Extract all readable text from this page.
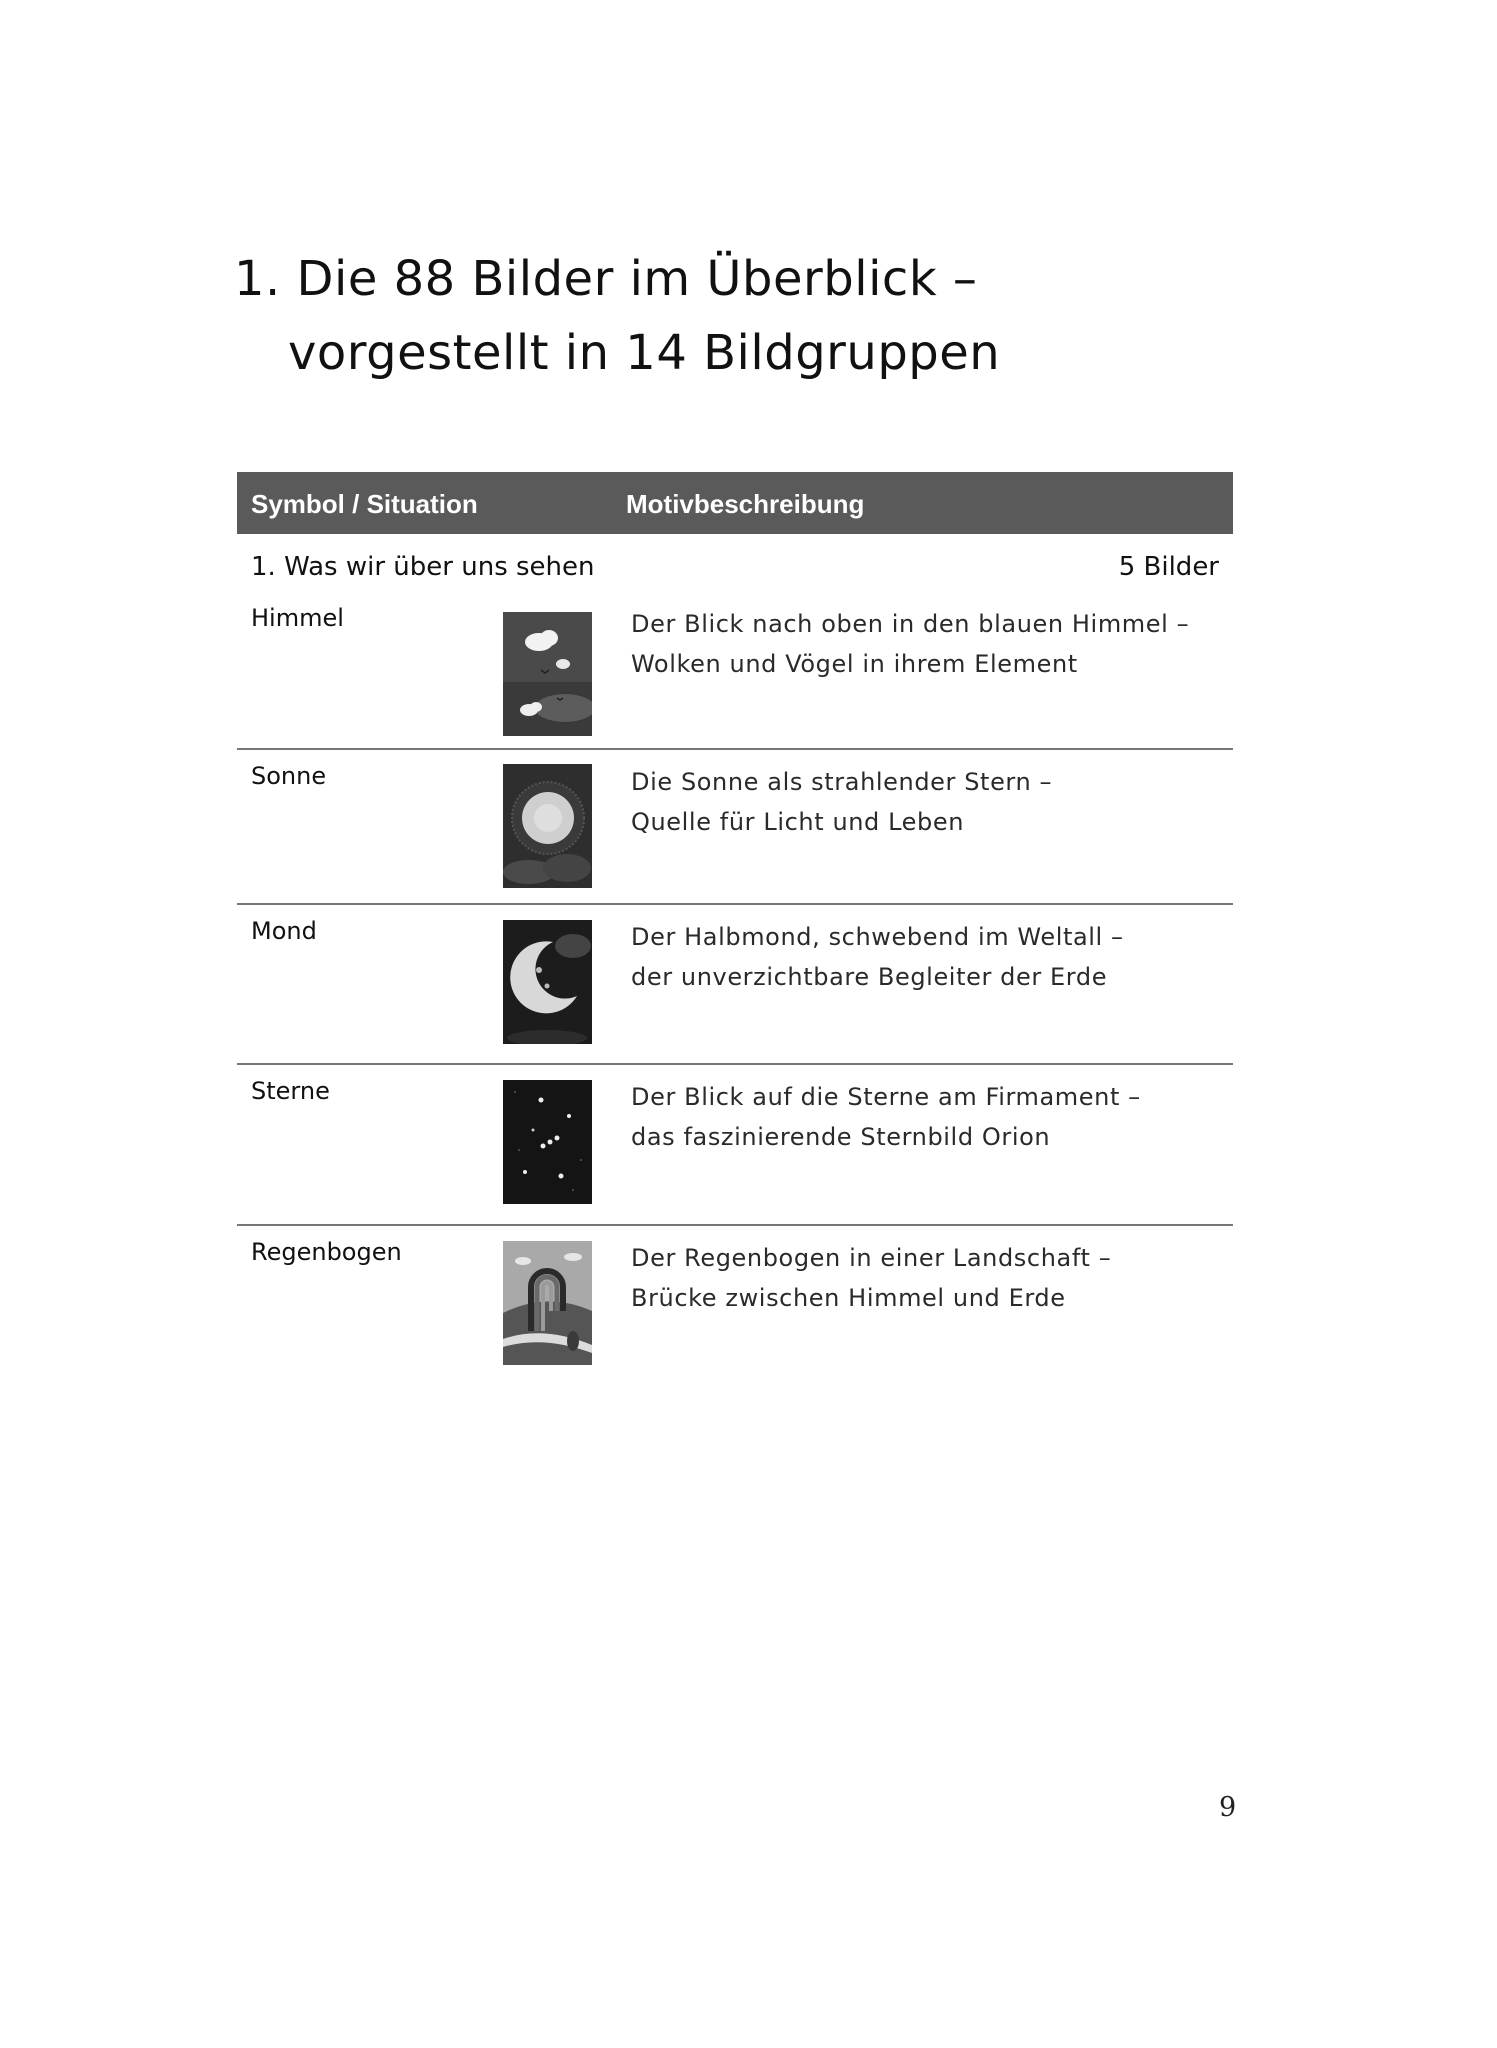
1. Die 88 Bilder im Überblick –
vorgestellt in 14 Bildgruppen
Symbol / Situation	Motivbeschreibung
1. Was wir über uns sehen	5 Bilder
Himmel	Der Blick nach oben in den blauen Himmel –
Wolken und Vögel in ihrem Element
Sonne	Die Sonne als strahlender Stern –
Quelle für Licht und Leben
Mond	Der Halbmond, schwebend im Weltall –
der unverzichtbare Begleiter der Erde
Sterne	Der Blick auf die Sterne am Firmament –
das faszinierende Sternbild Orion
Regenbogen	Der Regenbogen in einer Landschaft –
Brücke zwischen Himmel und Erde
9
